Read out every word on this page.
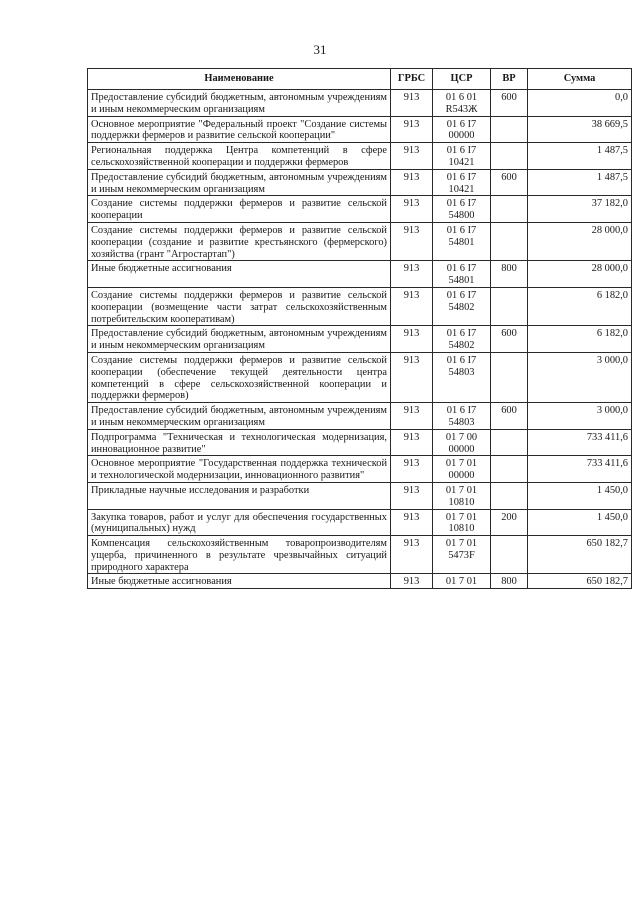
31
Наименование	ГРБС	ЦСР	ВР	Сумма
Предоставление субсидий бюджетным, автономным учреждениям и иным некоммерческим организациям	913	01 6 01 R543Ж	600	0,0
Основное мероприятие "Федеральный проект "Создание системы поддержки фермеров и развитие сельской кооперации"	913	01 6 I7 00000		38 669,5
Региональная поддержка Центра компетенций в сфере сельскохозяйственной кооперации и поддержки фермеров	913	01 6 I7 10421		1 487,5
Предоставление субсидий бюджетным, автономным учреждениям и иным некоммерческим организациям	913	01 6 I7 10421	600	1 487,5
Создание системы поддержки фермеров и развитие сельской кооперации	913	01 6 I7 54800		37 182,0
Создание системы поддержки фермеров и развитие сельской кооперации (создание и развитие крестьянского (фермерского) хозяйства (грант "Агростартап")	913	01 6 I7 54801		28 000,0
Иные бюджетные ассигнования	913	01 6 I7 54801	800	28 000,0
Создание системы поддержки фермеров и развитие сельской кооперации (возмещение части затрат сельскохозяйственным потребительским кооперативам)	913	01 6 I7 54802		6 182,0
Предоставление субсидий бюджетным, автономным учреждениям и иным некоммерческим организациям	913	01 6 I7 54802	600	6 182,0
Создание системы поддержки фермеров и развитие сельской кооперации (обеспечение текущей деятельности центра компетенций в сфере сельскохозяйственной кооперации и поддержки фермеров)	913	01 6 I7 54803		3 000,0
Предоставление субсидий бюджетным, автономным учреждениям и иным некоммерческим организациям	913	01 6 I7 54803	600	3 000,0
Подпрограмма "Техническая и технологическая модернизация, инновационное развитие"	913	01 7 00 00000		733 411,6
Основное мероприятие "Государственная поддержка технической и технологической модернизации, инновационного развития"	913	01 7 01 00000		733 411,6
Прикладные научные исследования и разработки	913	01 7 01 10810		1 450,0
Закупка товаров, работ и услуг для обеспечения государственных (муниципальных) нужд	913	01 7 01 10810	200	1 450,0
Компенсация сельскохозяйственным товаропроизводителям ущерба, причиненного в результате чрезвычайных ситуаций природного характера	913	01 7 01 5473F		650 182,7
Иные бюджетные ассигнования	913	01 7 01	800	650 182,7
